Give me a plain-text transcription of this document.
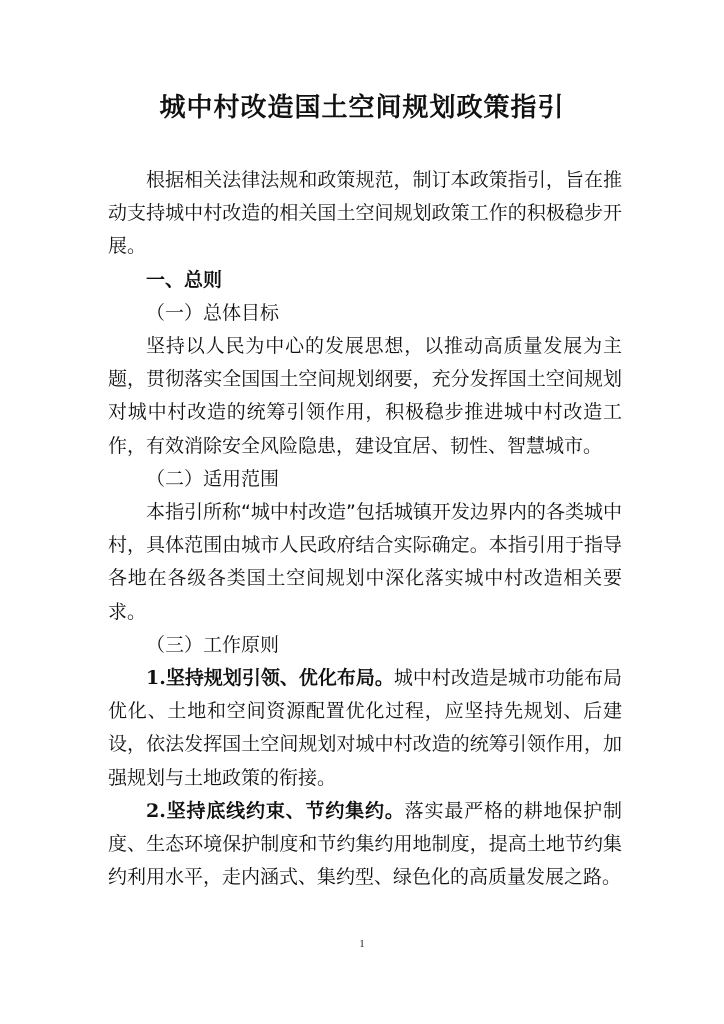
城中村改造国土空间规划政策指引

根据相关法律法规和政策规范，制订本政策指引，旨在推动支持城中村改造的相关国土空间规划政策工作的积极稳步开展。

一、总则

（一）总体目标

坚持以人民为中心的发展思想，以推动高质量发展为主题，贯彻落实全国国土空间规划纲要，充分发挥国土空间规划对城中村改造的统筹引领作用，积极稳步推进城中村改造工作，有效消除安全风险隐患，建设宜居、韧性、智慧城市。

（二）适用范围

本指引所称“城中村改造”包括城镇开发边界内的各类城中村，具体范围由城市人民政府结合实际确定。本指引用于指导各地在各级各类国土空间规划中深化落实城中村改造相关要求。

（三）工作原则

1.坚持规划引领、优化布局。城中村改造是城市功能布局优化、土地和空间资源配置优化过程，应坚持先规划、后建设，依法发挥国土空间规划对城中村改造的统筹引领作用，加强规划与土地政策的衔接。

2.坚持底线约束、节约集约。落实最严格的耕地保护制度、生态环境保护制度和节约集约用地制度，提高土地节约集约利用水平，走内涵式、集约型、绿色化的高质量发展之路。

1
